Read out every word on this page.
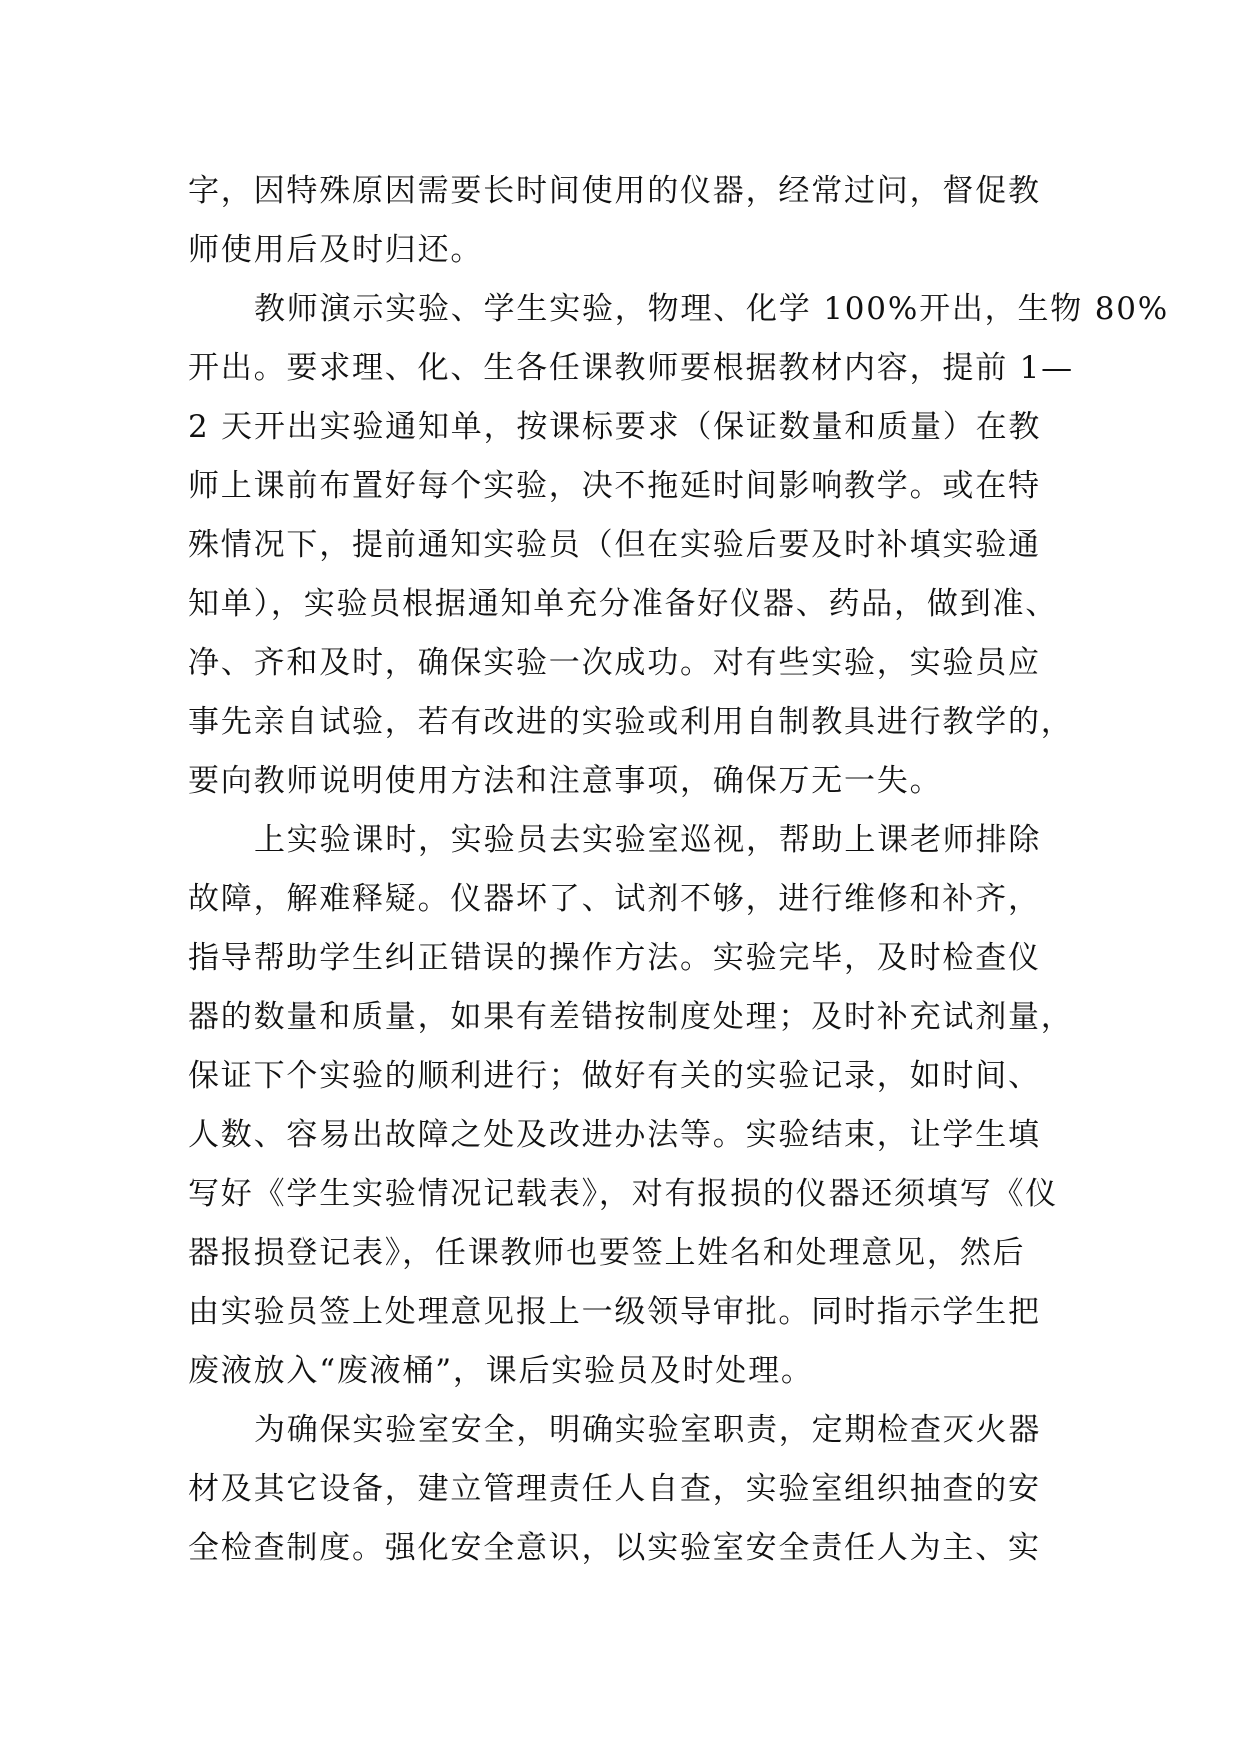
字，因特殊原因需要长时间使用的仪器，经常过问，督促教
师使用后及时归还。
教师演示实验、学生实验，物理、化学 100%开出，生物 80%
开出。要求理、化、生各任课教师要根据教材内容，提前 1—
2 天开出实验通知单，按课标要求（保证数量和质量）在教
师上课前布置好每个实验，决不拖延时间影响教学。或在特
殊情况下，提前通知实验员（但在实验后要及时补填实验通
知单），实验员根据通知单充分准备好仪器、药品，做到准、
净、齐和及时，确保实验一次成功。对有些实验，实验员应
事先亲自试验，若有改进的实验或利用自制教具进行教学的，
要向教师说明使用方法和注意事项，确保万无一失。
上实验课时，实验员去实验室巡视，帮助上课老师排除
故障，解难释疑。仪器坏了、试剂不够，进行维修和补齐，
指导帮助学生纠正错误的操作方法。实验完毕，及时检查仪
器的数量和质量，如果有差错按制度处理；及时补充试剂量，
保证下个实验的顺利进行；做好有关的实验记录，如时间、
人数、容易出故障之处及改进办法等。实验结束，让学生填
写好《学生实验情况记载表》，对有报损的仪器还须填写《仪
器报损登记表》，任课教师也要签上姓名和处理意见，然后
由实验员签上处理意见报上一级领导审批。同时指示学生把
废液放入“废液桶”，课后实验员及时处理。
为确保实验室安全，明确实验室职责，定期检查灭火器
材及其它设备，建立管理责任人自查，实验室组织抽查的安
全检查制度。强化安全意识，以实验室安全责任人为主、实
